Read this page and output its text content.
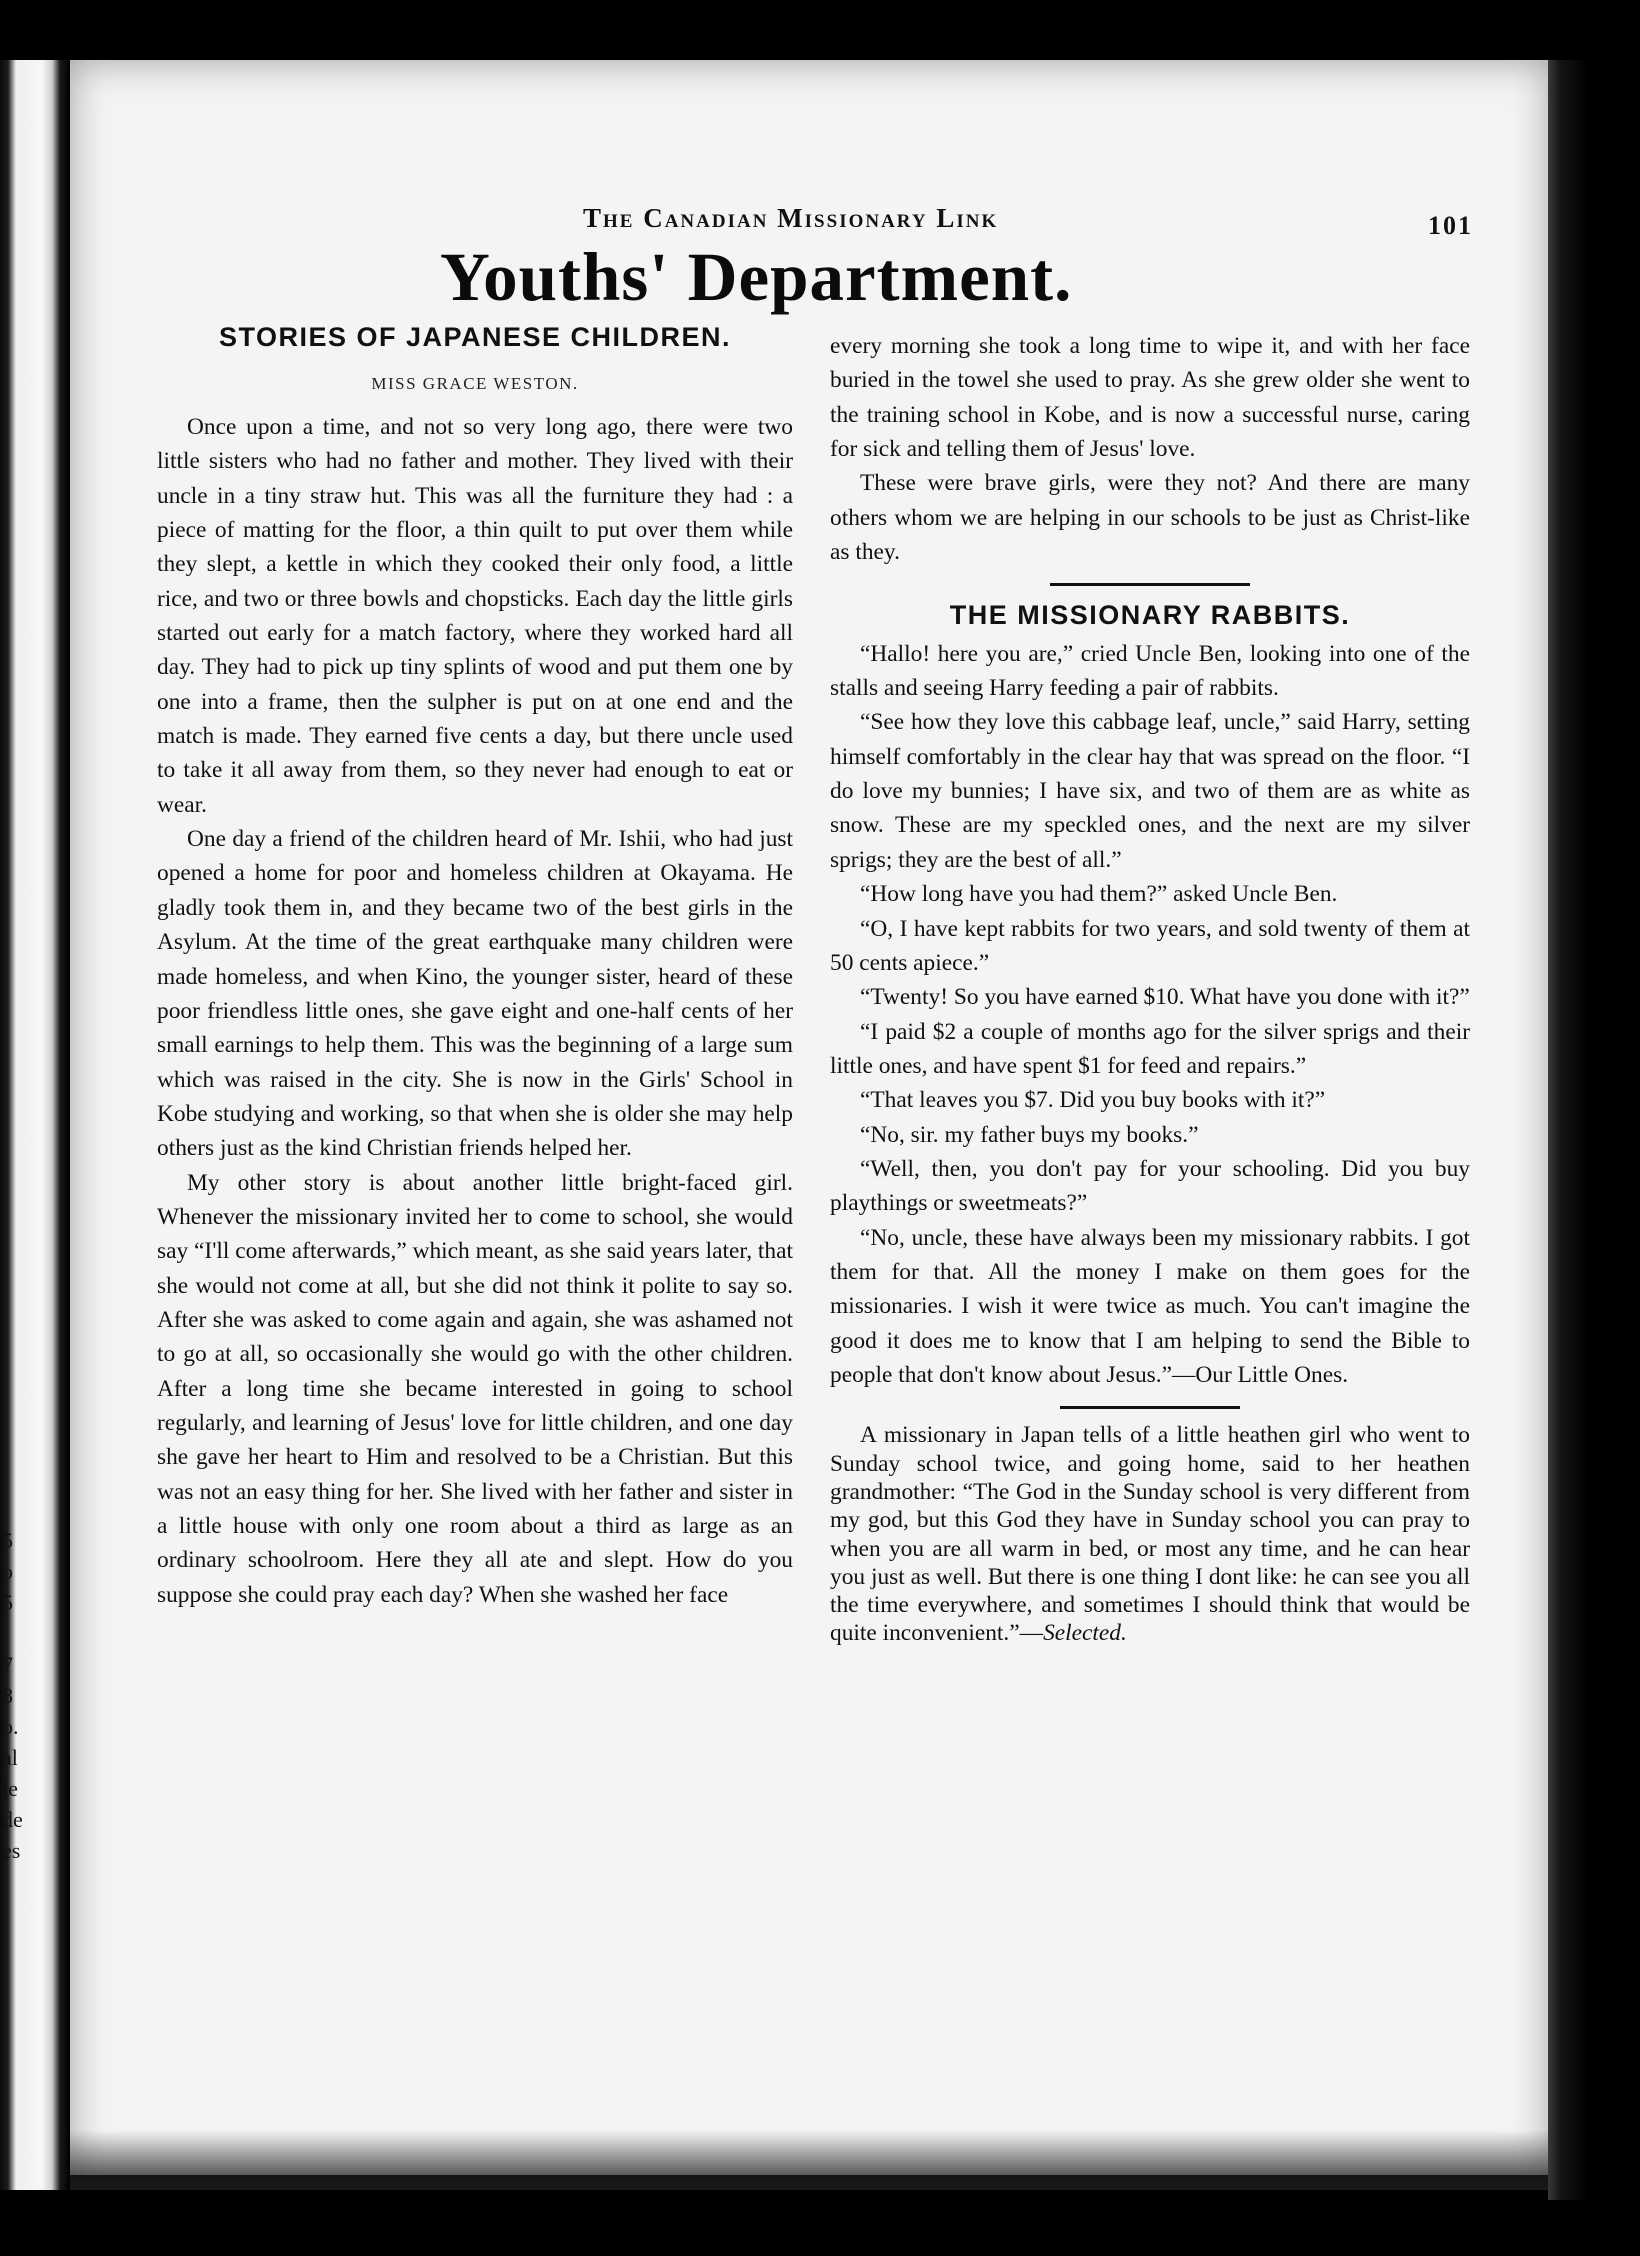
5
o
5
7
8
o.
al
le
de
es
The Canadian Missionary Link	101
Youths' Department.
STORIES OF JAPANESE CHILDREN.
MISS GRACE WESTON.

Once upon a time, and not so very long ago, there were two little sisters who had no father and mother. They lived with their uncle in a tiny straw hut. This was all the furniture they had : a piece of matting for the floor, a thin quilt to put over them while they slept, a kettle in which they cooked their only food, a little rice, and two or three bowls and chopsticks. Each day the little girls started out early for a match factory, where they worked hard all day. They had to pick up tiny splints of wood and put them one by one into a frame, then the sulpher is put on at one end and the match is made. They earned five cents a day, but there uncle used to take it all away from them, so they never had enough to eat or wear.

One day a friend of the children heard of Mr. Ishii, who had just opened a home for poor and homeless children at Okayama. He gladly took them in, and they became two of the best girls in the Asylum. At the time of the great earthquake many children were made homeless, and when Kino, the younger sister, heard of these poor friendless little ones, she gave eight and one-half cents of her small earnings to help them. This was the beginning of a large sum which was raised in the city. She is now in the Girls' School in Kobe studying and working, so that when she is older she may help others just as the kind Christian friends helped her.

My other story is about another little bright-faced girl. Whenever the missionary invited her to come to school, she would say “I'll come afterwards,” which meant, as she said years later, that she would not come at all, but she did not think it polite to say so. After she was asked to come again and again, she was ashamed not to go at all, so occasionally she would go with the other children. After a long time she became interested in going to school regularly, and learning of Jesus' love for little children, and one day she gave her heart to Him and resolved to be a Christian. But this was not an easy thing for her. She lived with her father and sister in a little house with only one room about a third as large as an ordinary schoolroom. Here they all ate and slept. How do you suppose she could pray each day? When she washed her face

every morning she took a long time to wipe it, and with her face buried in the towel she used to pray. As she grew older she went to the training school in Kobe, and is now a successful nurse, caring for sick and telling them of Jesus' love.

These were brave girls, were they not? And there are many others whom we are helping in our schools to be just as Christ-like as they.

THE MISSIONARY RABBITS.

“Hallo! here you are,” cried Uncle Ben, looking into one of the stalls and seeing Harry feeding a pair of rabbits.

“See how they love this cabbage leaf, uncle,” said Harry, setting himself comfortably in the clear hay that was spread on the floor. “I do love my bunnies; I have six, and two of them are as white as snow. These are my speckled ones, and the next are my silver sprigs; they are the best of all.”

“How long have you had them?” asked Uncle Ben.

“O, I have kept rabbits for two years, and sold twenty of them at 50 cents apiece.”

“Twenty! So you have earned $10. What have you done with it?”

“I paid $2 a couple of months ago for the silver sprigs and their little ones, and have spent $1 for feed and repairs.”

“That leaves you $7. Did you buy books with it?”

“No, sir. my father buys my books.”

“Well, then, you don't pay for your schooling. Did you buy playthings or sweetmeats?”

“No, uncle, these have always been my missionary rabbits. I got them for that. All the money I make on them goes for the missionaries. I wish it were twice as much. You can't imagine the good it does me to know that I am helping to send the Bible to people that don't know about Jesus.”—Our Little Ones.

A missionary in Japan tells of a little heathen girl who went to Sunday school twice, and going home, said to her heathen grandmother: “The God in the Sunday school is very different from my god, but this God they have in Sunday school you can pray to when you are all warm in bed, or most any time, and he can hear you just as well. But there is one thing I dont like: he can see you all the time everywhere, and sometimes I should think that would be quite inconvenient.”—Selected.
